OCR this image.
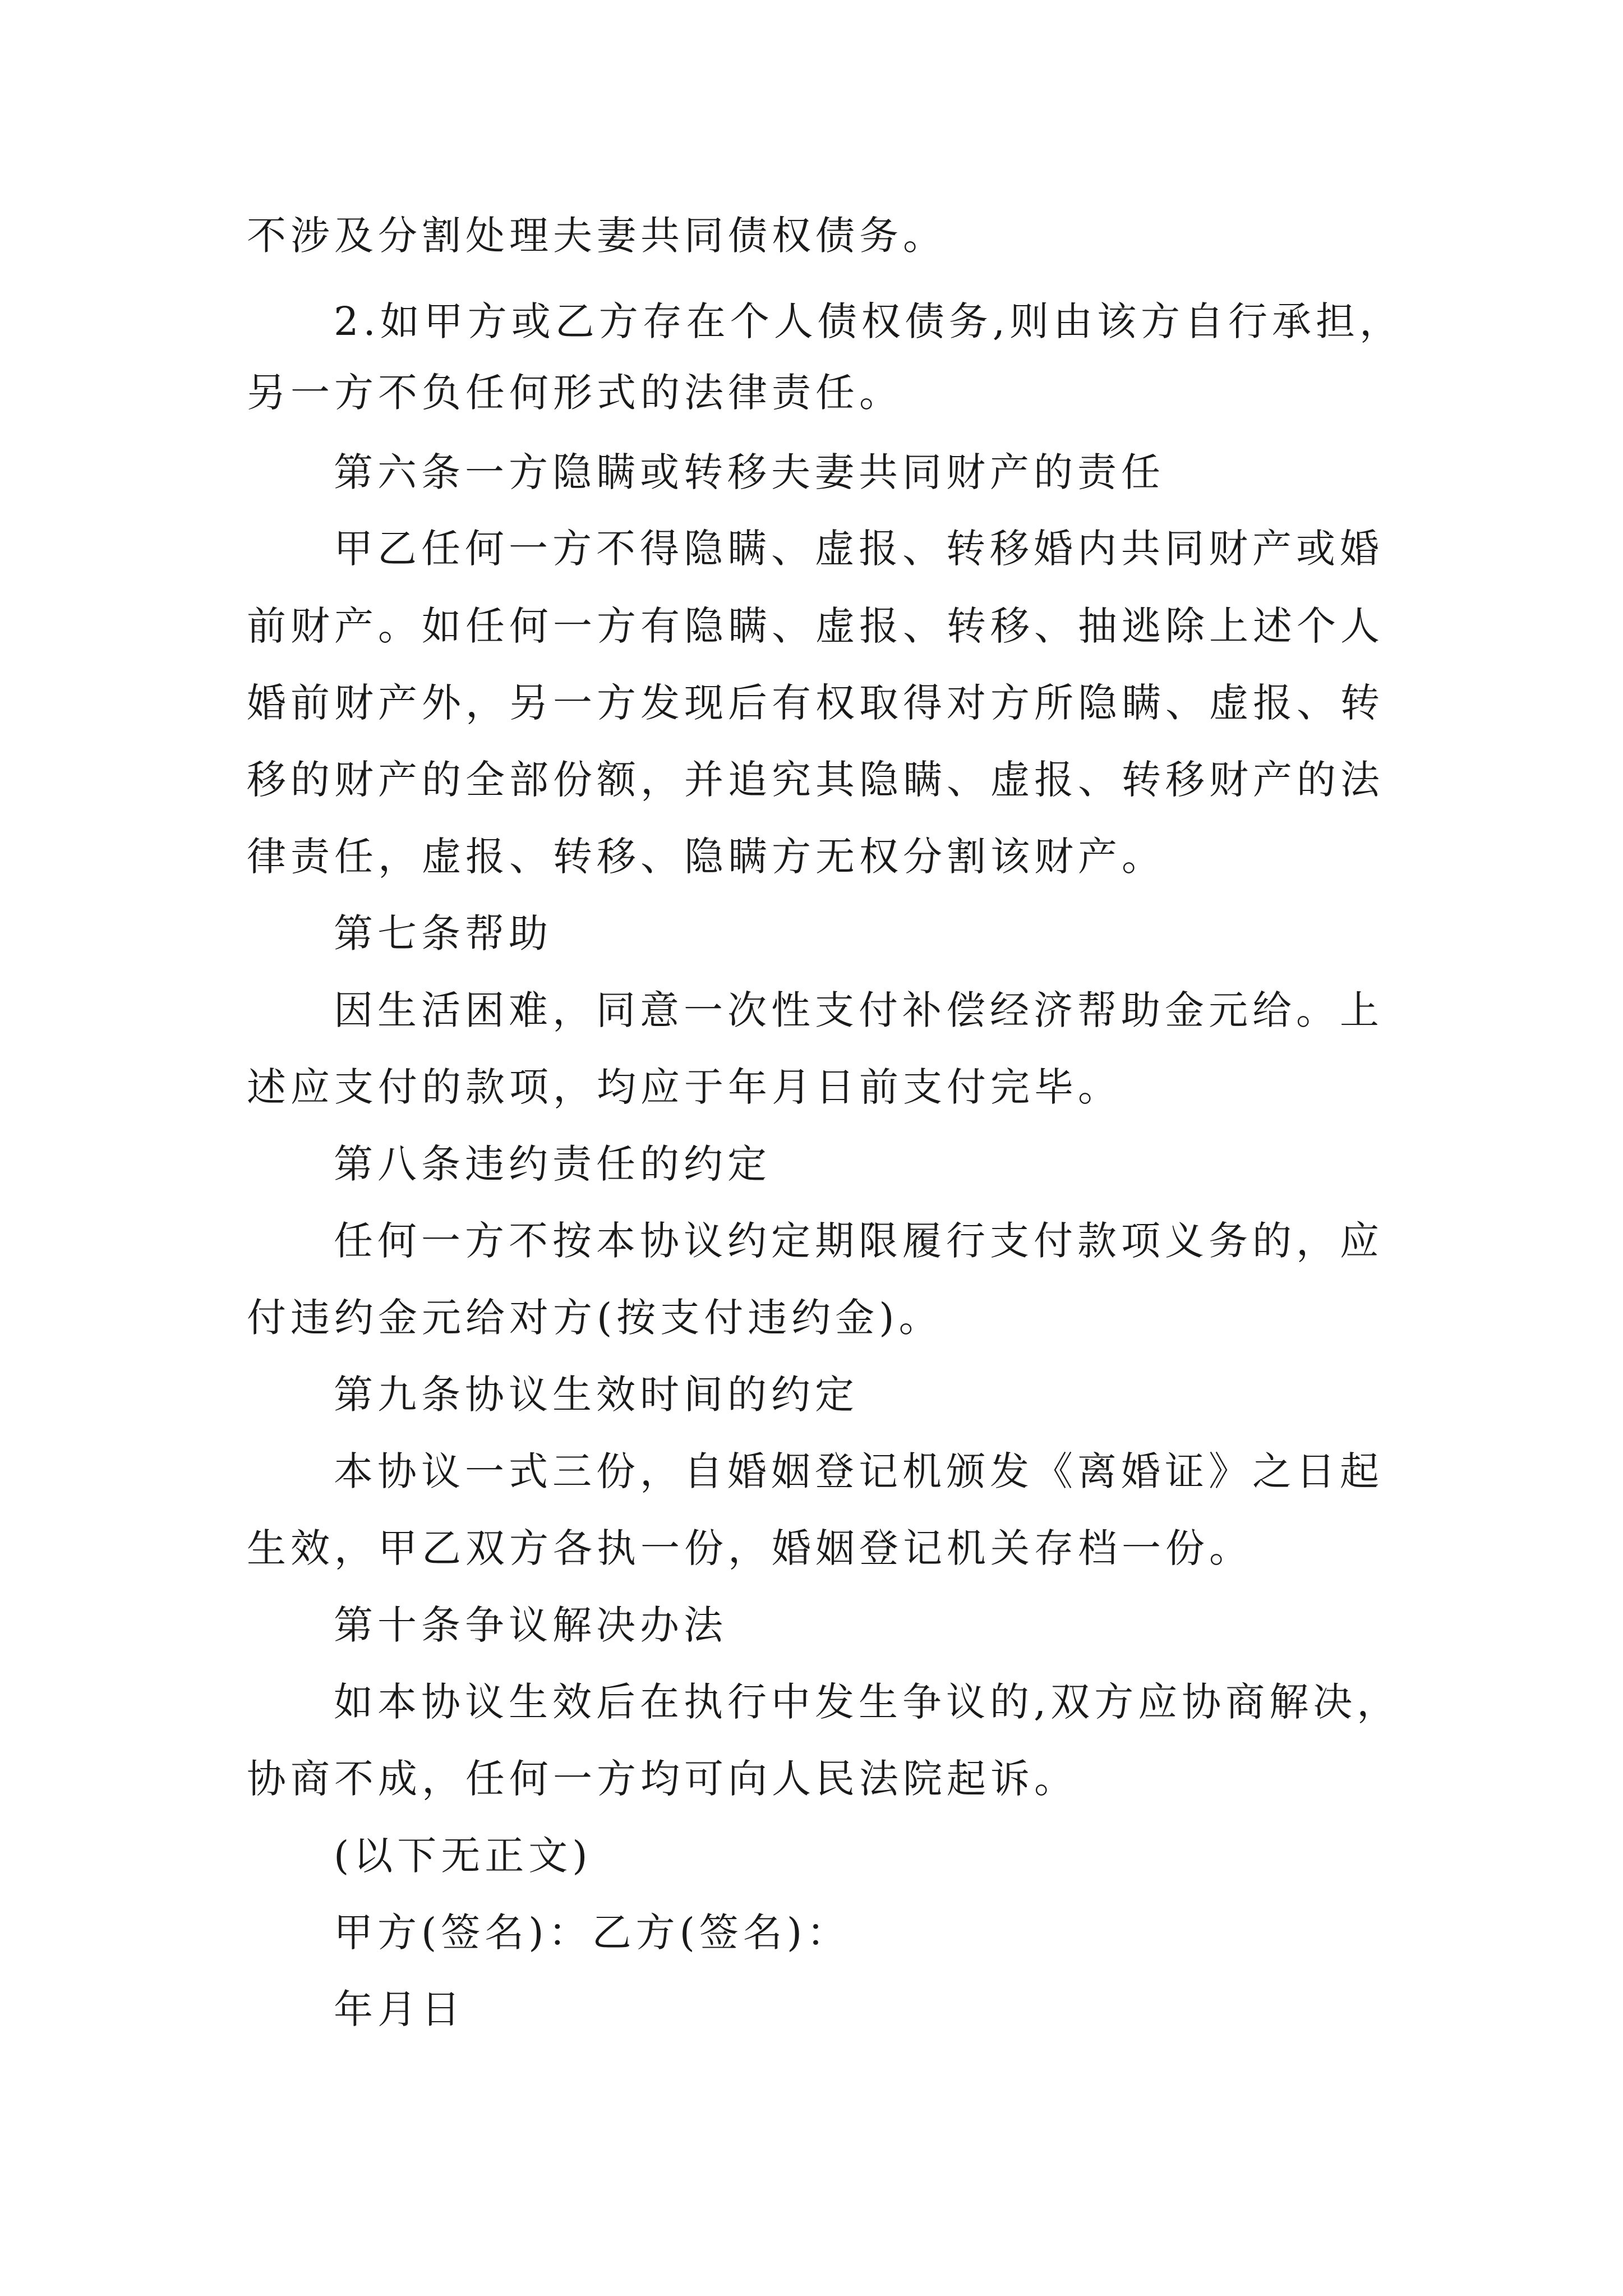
不涉及分割处理夫妻共同债权债务。
2.如甲方或乙方存在个人债权债务,则由该方自行承担，
另一方不负任何形式的法律责任。
第六条一方隐瞒或转移夫妻共同财产的责任
甲乙任何一方不得隐瞒、虚报、转移婚内共同财产或婚
前财产。如任何一方有隐瞒、虚报、转移、抽逃除上述个人
婚前财产外，另一方发现后有权取得对方所隐瞒、虚报、转
移的财产的全部份额，并追究其隐瞒、虚报、转移财产的法
律责任，虚报、转移、隐瞒方无权分割该财产。
第七条帮助
因生活困难，同意一次性支付补偿经济帮助金元给。上
述应支付的款项，均应于年月日前支付完毕。
第八条违约责任的约定
任何一方不按本协议约定期限履行支付款项义务的，应
付违约金元给对方(按支付违约金)。
第九条协议生效时间的约定
本协议一式三份，自婚姻登记机颁发《离婚证》之日起
生效，甲乙双方各执一份，婚姻登记机关存档一份。
第十条争议解决办法
如本协议生效后在执行中发生争议的,双方应协商解决，
协商不成，任何一方均可向人民法院起诉。
(以下无正文)
甲方(签名)：乙方(签名)：
年月日
